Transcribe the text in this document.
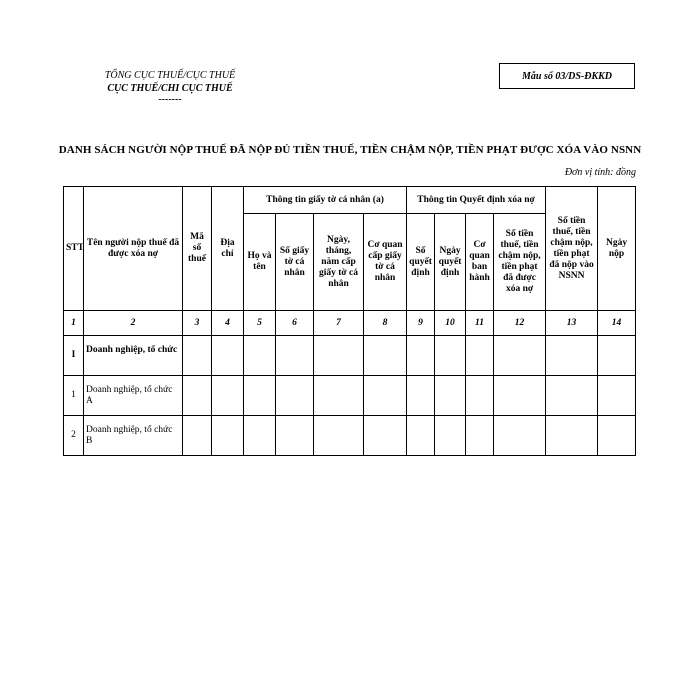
TỔNG CỤC THUẾ/CỤC THUẾ
CỤC THUẾ/CHI CỤC THUẾ
-------
Mẫu số 03/DS-ĐKKD
DANH SÁCH NGƯỜI NỘP THUẾ ĐÃ NỘP ĐỦ TIỀN THUẾ, TIỀN CHẬM NỘP, TIỀN PHẠT ĐƯỢC XÓA VÀO NSNN
Đơn vị tính: đồng
STT	Tên người nộp thuế đã được xóa nợ	Mã số thuế	Địa chỉ	Thông tin giấy tờ cá nhân (a)				Thông tin Quyết định xóa nợ				Số tiền thuế, tiền chậm nộp, tiền phạt đã nộp vào NSNN	Ngày nộp
				Họ và tên	Số giấy tờ cá nhân	Ngày, tháng, năm cấp giấy tờ cá nhân	Cơ quan cấp giấy tờ cá nhân	Số quyết định	Ngày quyết định	Cơ quan ban hành	Số tiền thuế, tiền chậm nộp, tiền phạt đã được xóa nợ		
1	2	3	4	5	6	7	8	9	10	11	12	13	14
I	Doanh nghiệp, tổ chức												
1	Doanh nghiệp, tổ chức A												
2	Doanh nghiệp, tổ chức B												
